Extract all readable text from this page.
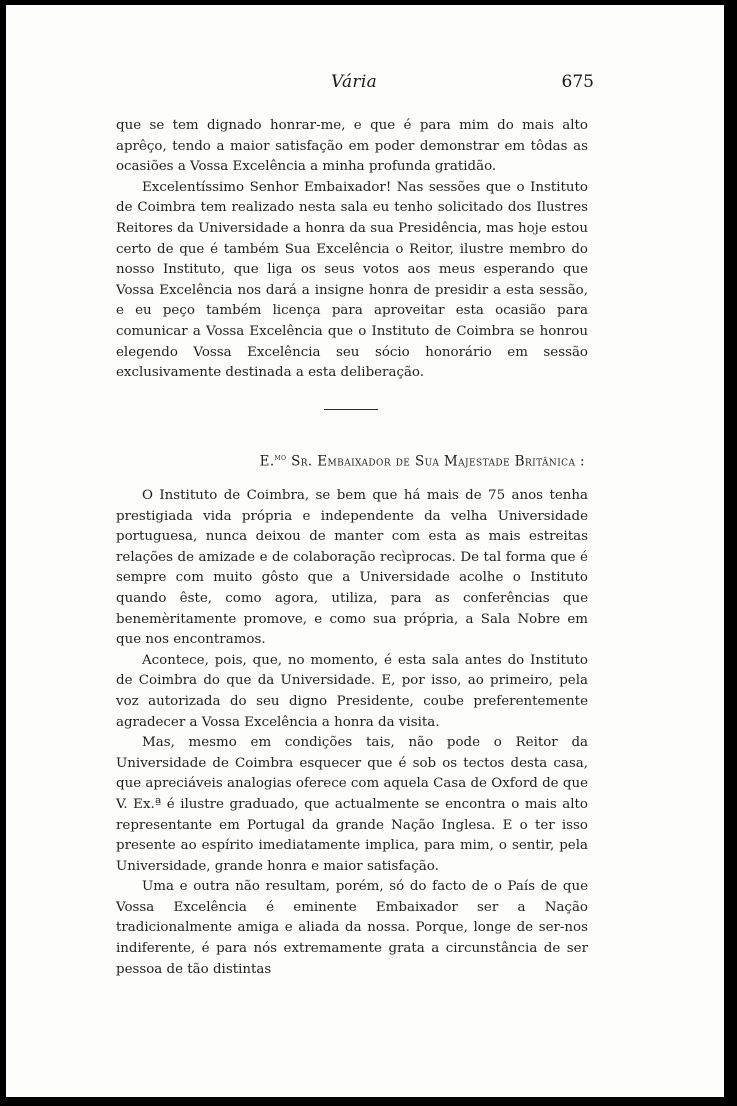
Vária	675

que se tem dignado honrar-me, e que é para mim do mais alto aprêço, tendo a maior satisfação em poder demonstrar em tôdas as ocasiões a Vossa Excelência a minha profunda gratidão.

Excelentíssimo Senhor Embaixador! Nas sessões que o Instituto de Coimbra tem realizado nesta sala eu tenho solicitado dos Ilustres Reitores da Universidade a honra da sua Presidência, mas hoje estou certo de que é também Sua Excelência o Reitor, ilustre membro do nosso Instituto, que liga os seus votos aos meus esperando que Vossa Excelência nos dará a insigne honra de presidir a esta sessão, e eu peço também licença para aproveitar esta ocasião para comunicar a Vossa Excelência que o Instituto de Coimbra se honrou elegendo Vossa Excelência seu sócio honorário em sessão exclusivamente destinada a esta deliberação.

E.$^{mo}$ Sr. Embaixador de Sua Majestade Britânica :

O Instituto de Coimbra, se bem que há mais de 75 anos tenha prestigiada vida própria e independente da velha Universidade portuguesa, nunca deixou de manter com esta as mais estreitas relações de amizade e de colaboração recìprocas. De tal forma que é sempre com muito gôsto que a Universidade acolhe o Instituto quando êste, como agora, utiliza, para as conferências que benemèritamente promove, e como sua própria, a Sala Nobre em que nos encontramos.

Acontece, pois, que, no momento, é esta sala antes do Instituto de Coimbra do que da Universidade. E, por isso, ao primeiro, pela voz autorizada do seu digno Presidente, coube preferentemente agradecer a Vossa Excelência a honra da visita.

Mas, mesmo em condições tais, não pode o Reitor da Universidade de Coimbra esquecer que é sob os tectos desta casa, que apreciáveis analogias oferece com aquela Casa de Oxford de que V. Ex.ª é ilustre graduado, que actualmente se encontra o mais alto representante em Portugal da grande Nação Inglesa. E o ter isso presente ao espírito imediatamente implica, para mim, o sentir, pela Universidade, grande honra e maior satisfação.

Uma e outra não resultam, porém, só do facto de o País de que Vossa Excelência é eminente Embaixador ser a Nação tradicionalmente amiga e aliada da nossa. Porque, longe de ser-nos indiferente, é para nós extremamente grata a circunstância de ser pessoa de tão distintas
